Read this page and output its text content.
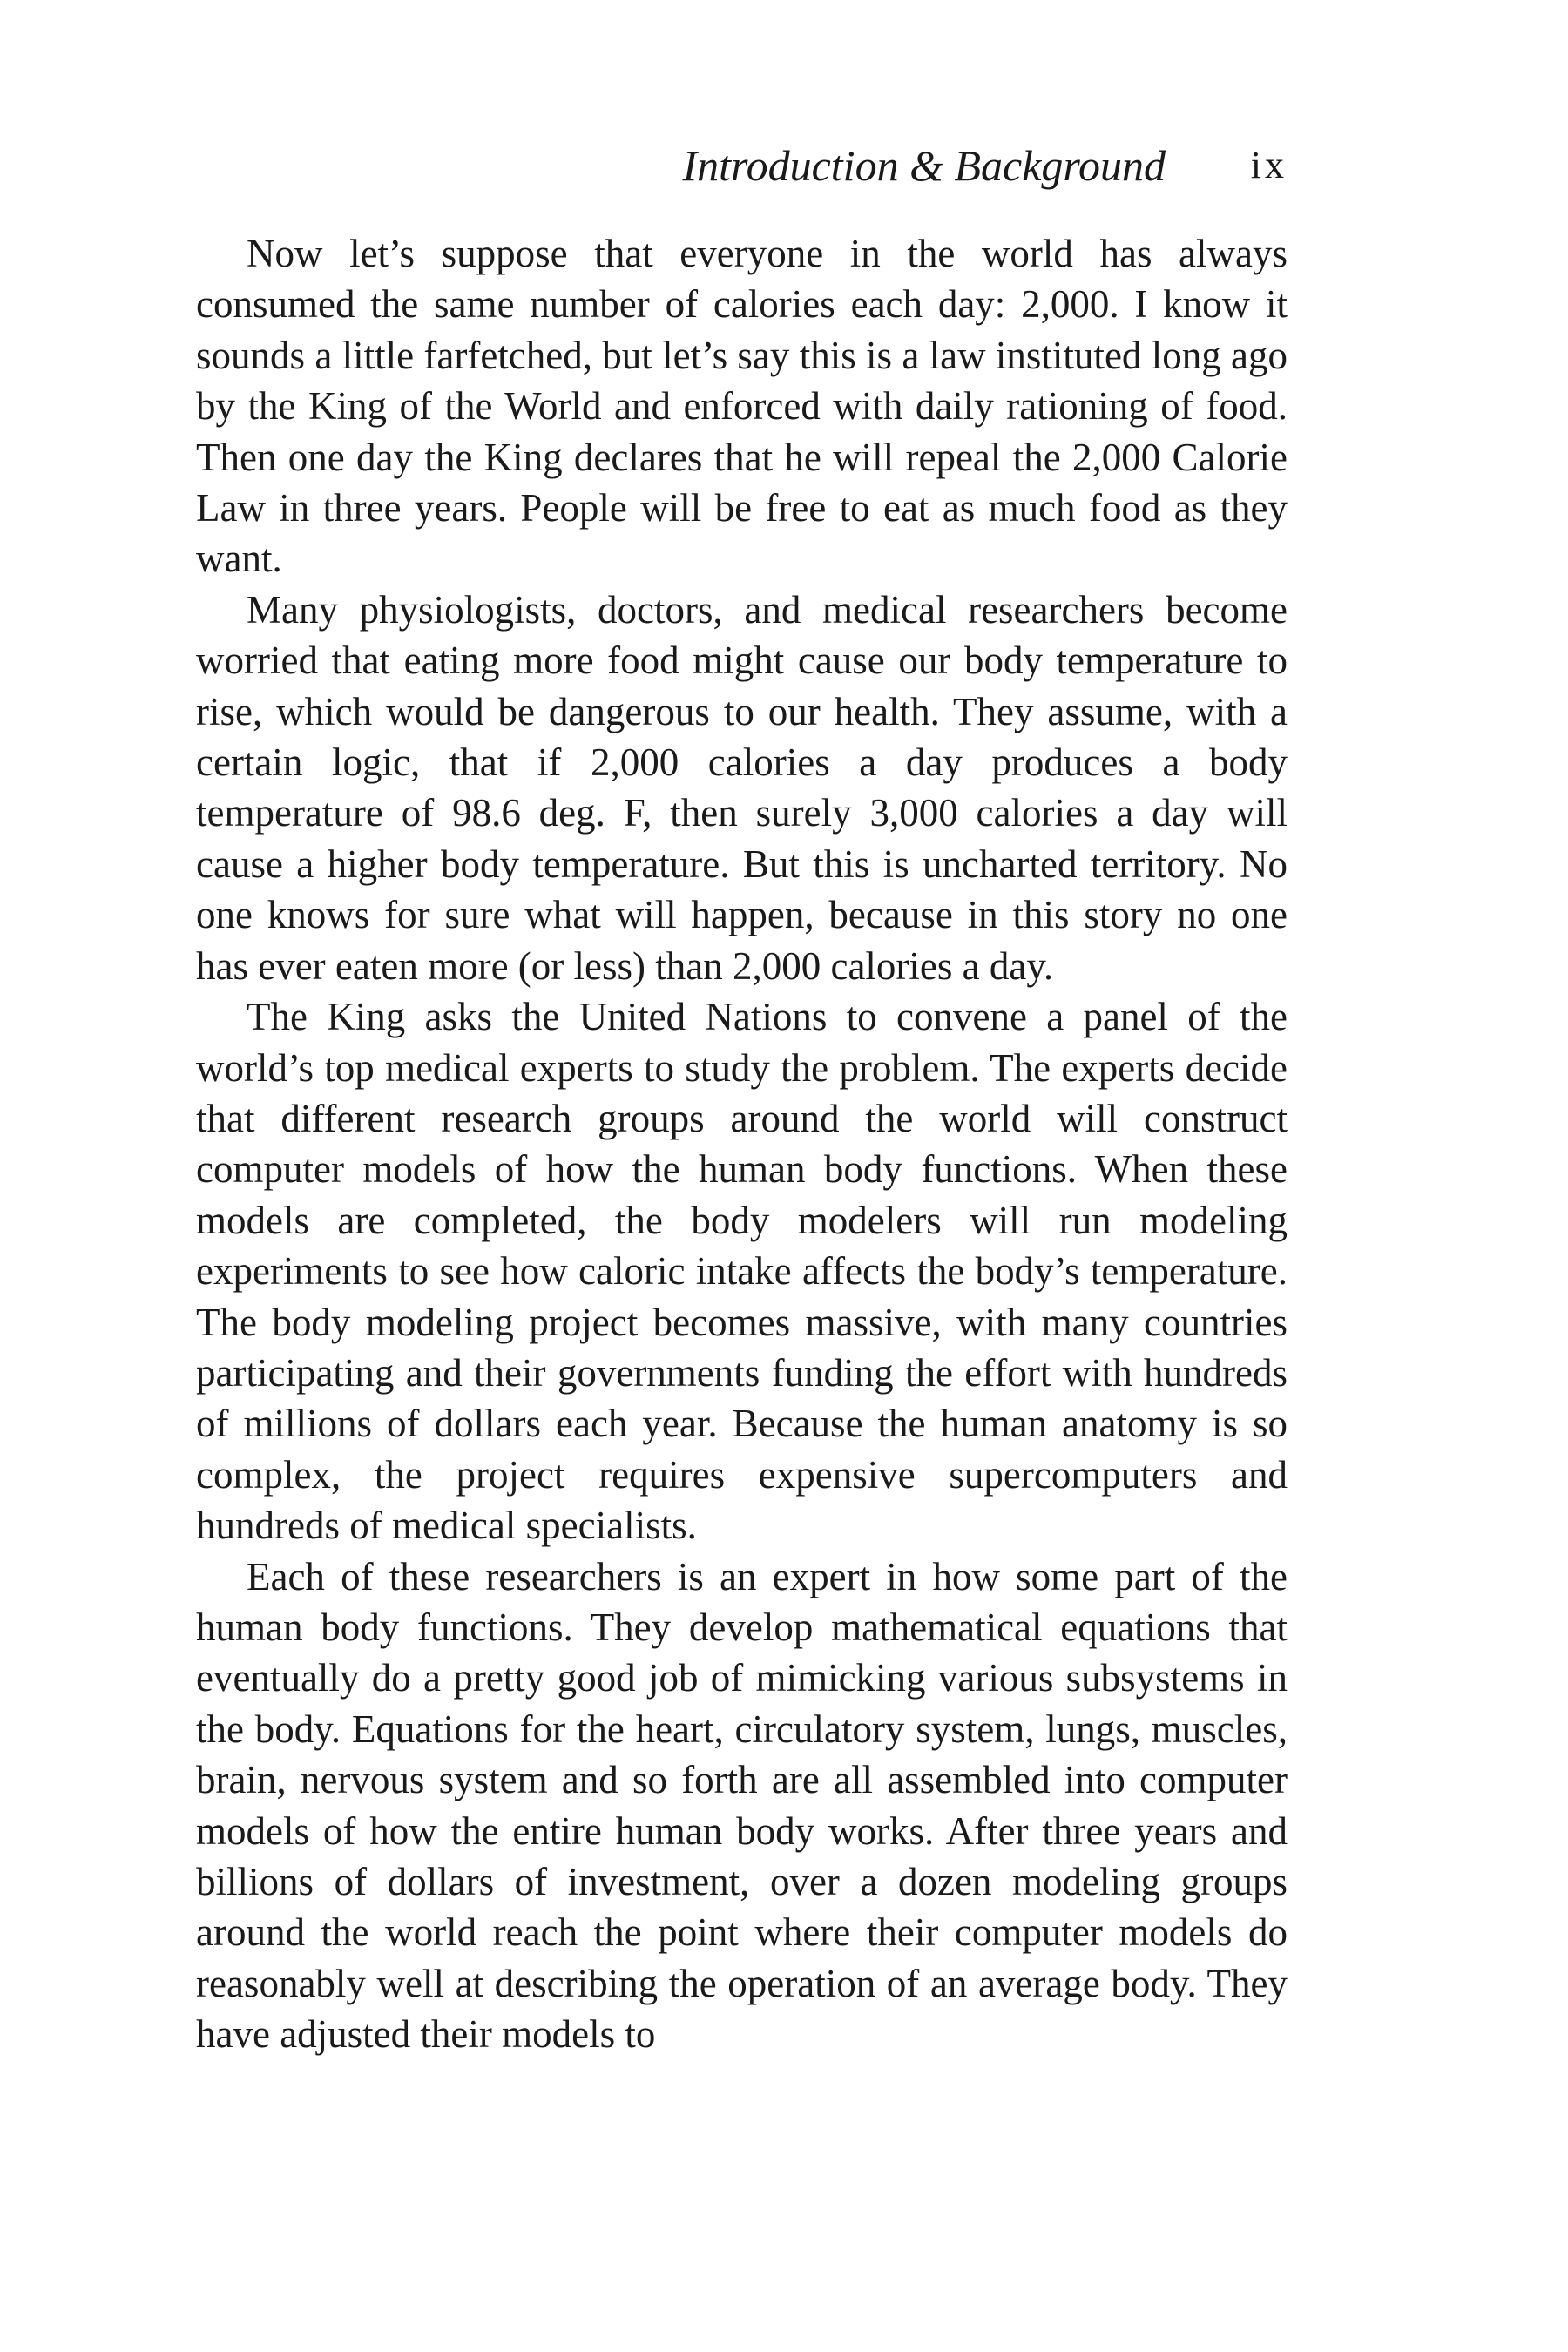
Introduction & Background ix

Now let’s suppose that everyone in the world has always consumed the same number of calories each day: 2,000. I know it sounds a little farfetched, but let’s say this is a law instituted long ago by the King of the World and enforced with daily rationing of food. Then one day the King declares that he will repeal the 2,000 Calorie Law in three years. People will be free to eat as much food as they want.

Many physiologists, doctors, and medical researchers become worried that eating more food might cause our body temperature to rise, which would be dangerous to our health. They assume, with a certain logic, that if 2,000 calories a day produces a body temperature of 98.6 deg. F, then surely 3,000 calories a day will cause a higher body temperature. But this is uncharted territory. No one knows for sure what will happen, because in this story no one has ever eaten more (or less) than 2,000 calories a day.

The King asks the United Nations to convene a panel of the world’s top medical experts to study the problem. The experts decide that different research groups around the world will construct computer models of how the human body functions. When these models are completed, the body modelers will run modeling experiments to see how caloric intake affects the body’s temperature. The body modeling project becomes massive, with many countries participating and their governments funding the effort with hundreds of millions of dollars each year. Because the human anatomy is so complex, the project requires expensive supercomputers and hundreds of medical specialists.

Each of these researchers is an expert in how some part of the human body functions. They develop mathematical equations that eventually do a pretty good job of mimicking various subsystems in the body. Equations for the heart, circulatory system, lungs, muscles, brain, nervous system and so forth are all assembled into computer models of how the entire human body works. After three years and billions of dollars of investment, over a dozen modeling groups around the world reach the point where their computer models do reasonably well at describing the operation of an average body. They have adjusted their models to
